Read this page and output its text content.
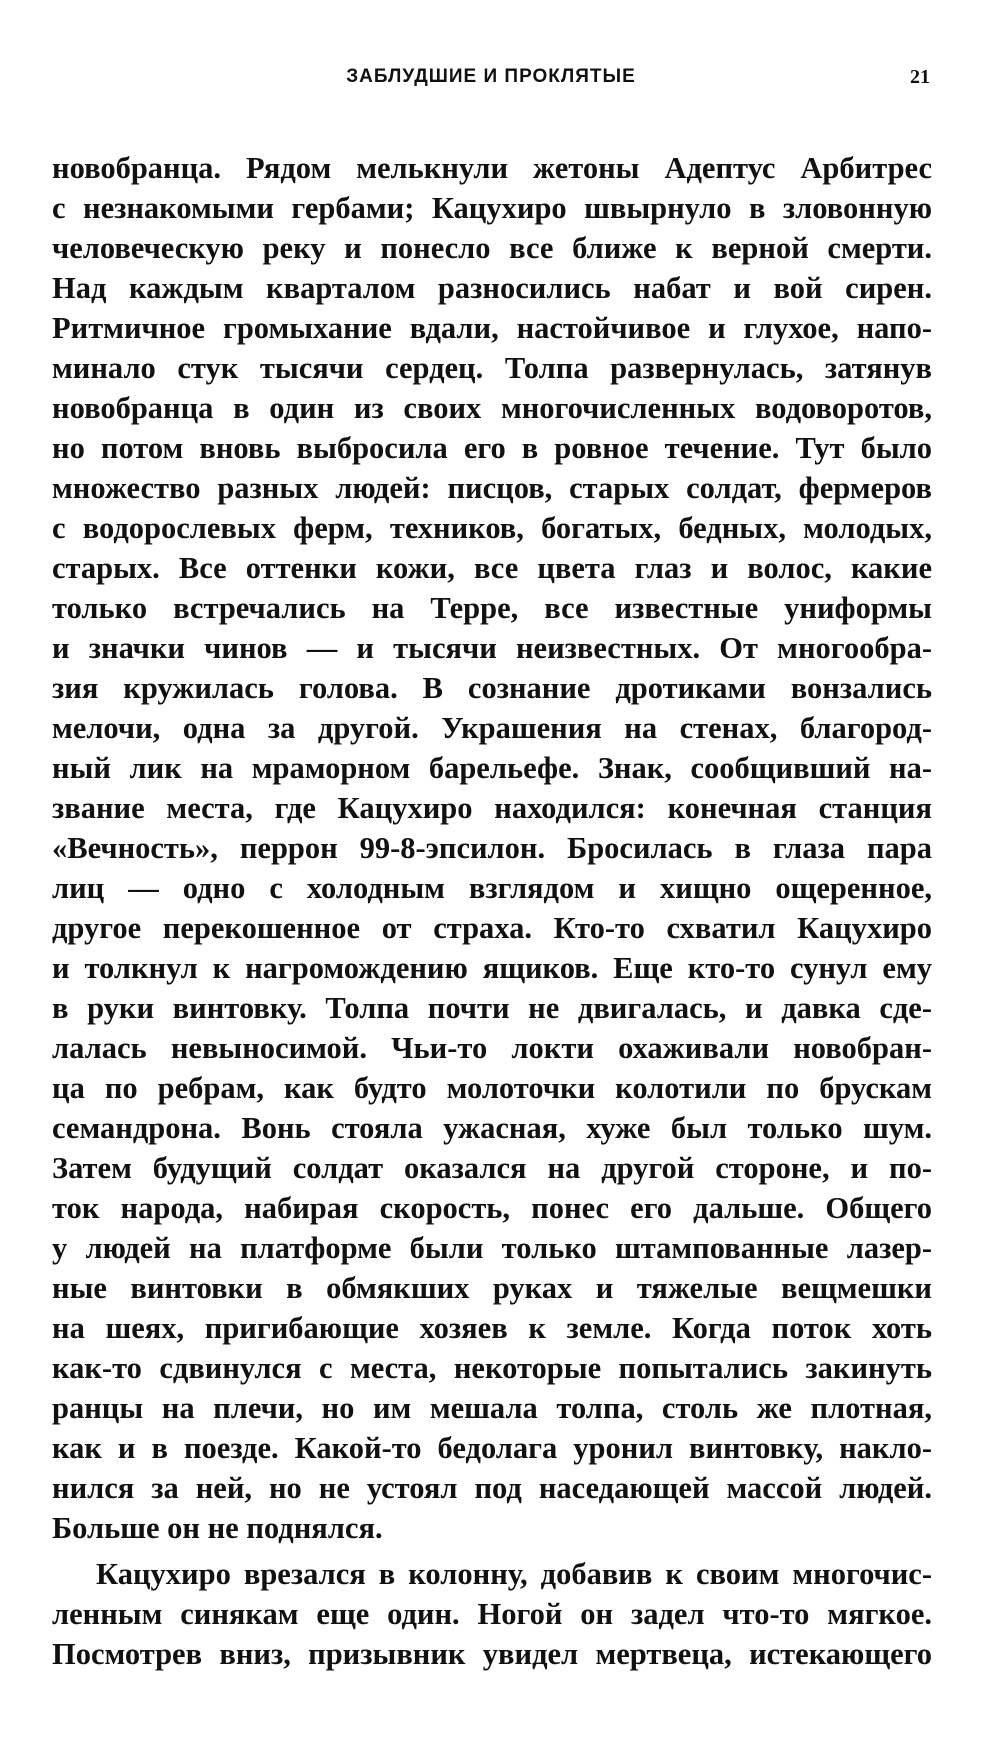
ЗАБЛУДШИЕ И ПРОКЛЯТЫЕ	21
новобранца. Рядом мелькнули жетоны Адептус Арбитрес
с незнакомыми гербами; Кацухиро швырнуло в зловонную
человеческую реку и понесло все ближе к верной смерти.
Над каждым кварталом разносились набат и вой сирен.
Ритмичное громыхание вдали, настойчивое и глухое, напо-
минало стук тысячи сердец. Толпа развернулась, затянув
новобранца в один из своих многочисленных водоворотов,
но потом вновь выбросила его в ровное течение. Тут было
множество разных людей: писцов, старых солдат, фермеров
с водорослевых ферм, техников, богатых, бедных, молодых,
старых. Все оттенки кожи, все цвета глаз и волос, какие
только встречались на Терре, все известные униформы
и значки чинов — и тысячи неизвестных. От многообра-
зия кружилась голова. В сознание дротиками вонзались
мелочи, одна за другой. Украшения на стенах, благород-
ный лик на мраморном барельефе. Знак, сообщивший на-
звание места, где Кацухиро находился: конечная станция
«Вечность», перрон 99-8-эпсилон. Бросилась в глаза пара
лиц — одно с холодным взглядом и хищно ощеренное,
другое перекошенное от страха. Кто-то схватил Кацухиро
и толкнул к нагромождению ящиков. Еще кто-то сунул ему
в руки винтовку. Толпа почти не двигалась, и давка сде-
лалась невыносимой. Чьи-то локти охаживали новобран-
ца по ребрам, как будто молоточки колотили по брускам
семандрона. Вонь стояла ужасная, хуже был только шум.
Затем будущий солдат оказался на другой стороне, и по-
ток народа, набирая скорость, понес его дальше. Общего
у людей на платформе были только штампованные лазер-
ные винтовки в обмякших руках и тяжелые вещмешки
на шеях, пригибающие хозяев к земле. Когда поток хоть
как-то сдвинулся с места, некоторые попытались закинуть
ранцы на плечи, но им мешала толпа, столь же плотная,
как и в поезде. Какой-то бедолага уронил винтовку, накло-
нился за ней, но не устоял под наседающей массой людей.
Больше он не поднялся.
Кацухиро врезался в колонну, добавив к своим многочис-
ленным синякам еще один. Ногой он задел что-то мягкое.
Посмотрев вниз, призывник увидел мертвеца, истекающего
